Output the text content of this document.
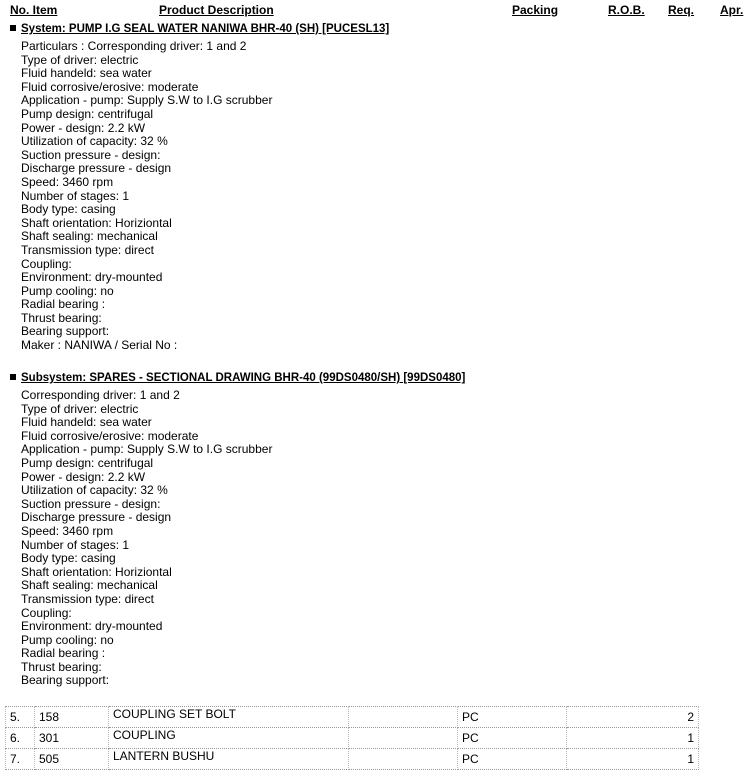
No. Item	Product Description	Packing	R.O.B. Req. Apr.
System: PUMP I.G SEAL WATER NANIWA BHR-40 (SH) [PUCESL13]
Particulars : Corresponding driver: 1 and 2
Type of driver: electric
Fluid handeld: sea water
Fluid corrosive/erosive: moderate
Application - pump: Supply S.W to I.G scrubber
Pump design: centrifugal
Power - design: 2.2 kW
Utilization of capacity: 32 %
Suction pressure - design:
Discharge pressure - design
Speed: 3460 rpm
Number of stages: 1
Body type: casing
Shaft orientation: Horiziontal
Shaft sealing: mechanical
Transmission type: direct
Coupling:
Environment: dry-mounted
Pump cooling: no
Radial bearing :
Thrust bearing:
Bearing support:
Maker : NANIWA / Serial No :
Subsystem: SPARES - SECTIONAL DRAWING BHR-40 (99DS0480/SH) [99DS0480]
Corresponding driver: 1 and 2
Type of driver: electric
Fluid handeld: sea water
Fluid corrosive/erosive: moderate
Application - pump: Supply S.W to I.G scrubber
Pump design: centrifugal
Power - design: 2.2 kW
Utilization of capacity: 32 %
Suction pressure - design:
Discharge pressure - design
Speed: 3460 rpm
Number of stages: 1
Body type: casing
Shaft orientation: Horiziontal
Shaft sealing: mechanical
Transmission type: direct
Coupling:
Environment: dry-mounted
Pump cooling: no
Radial bearing :
Thrust bearing:
Bearing support:
5.	158	COUPLING SET BOLT		PC	2
6.	301	COUPLING		PC	1
7.	505	LANTERN BUSHU		PC	1
